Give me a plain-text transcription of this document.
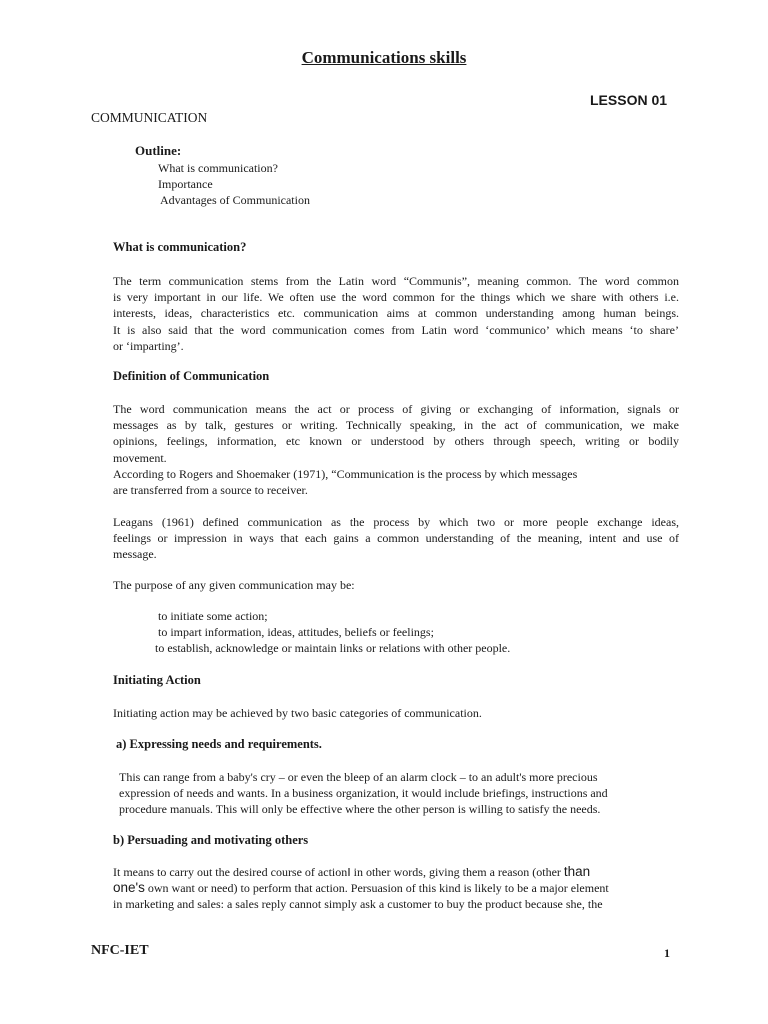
Communications skills
LESSON 01
COMMUNICATION
Outline:
What is communication?
Importance
Advantages of Communication
What is communication?
The term communication stems from the Latin word “Communis”, meaning common. The word common
is very important in our life. We often use the word common for the things which we share with others i.e.
interests, ideas, characteristics etc. communication aims at common understanding among human beings.
It is also said that the word communication comes from Latin word ‘communico’ which means ‘to share’
or ‘imparting’.
Definition of Communication
The word communication means the act or process of giving or exchanging of information, signals or
messages as by talk, gestures or writing. Technically speaking, in the act of communication, we make
opinions, feelings, information, etc known or understood by others through speech, writing or bodily
movement.
According to Rogers and Shoemaker (1971), “Communication is the process by which messages
are transferred from a source to receiver.
Leagans (1961) defined communication as the process by which two or more people exchange ideas,
feelings or impression in ways that each gains a common understanding of the meaning, intent and use of
message.
The purpose of any given communication may be:
to initiate some action;
to impart information, ideas, attitudes, beliefs or feelings;
to establish, acknowledge or maintain links or relations with other people.
Initiating Action
Initiating action may be achieved by two basic categories of communication.
a) Expressing needs and requirements.
This can range from a baby's cry – or even the bleep of an alarm clock – to an adult's more precious
expression of needs and wants. In a business organization, it would include briefings, instructions and
procedure manuals. This will only be effective where the other person is willing to satisfy the needs.
b) Persuading and motivating others
It means to carry out the desired course of action‖ in other words, giving them a reason (other than
one's own want or need) to perform that action. Persuasion of this kind is likely to be a major element
in marketing and sales: a sales reply cannot simply ask a customer to buy the product because she, the
NFC-IET	1
